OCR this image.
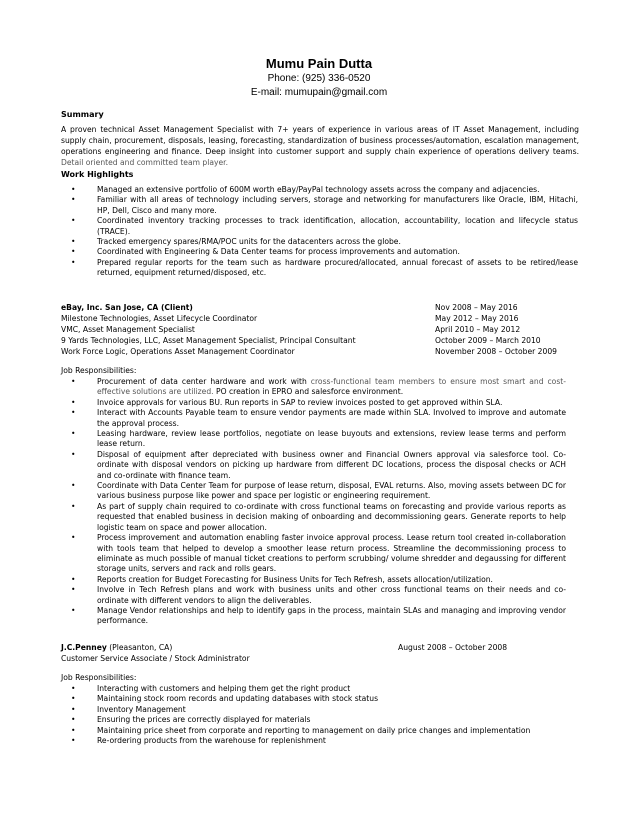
Mumu Pain Dutta
Phone: (925) 336-0520
E-mail: mumupain@gmail.com
Summary
A proven technical Asset Management Specialist with 7+ years of experience in various areas of IT Asset Management, including supply chain, procurement, disposals, leasing, forecasting, standardization of business processes/automation, escalation management, operations engineering and finance. Deep insight into customer support and supply chain experience of operations delivery teams. Detail oriented and committed team player.
Work Highlights
• Managed an extensive portfolio of 600M worth eBay/PayPal technology assets across the company and adjacencies.
• Familiar with all areas of technology including servers, storage and networking for manufacturers like Oracle, IBM, Hitachi, HP, Dell, Cisco and many more.
• Coordinated inventory tracking processes to track identification, allocation, accountability, location and lifecycle status (TRACE).
• Tracked emergency spares/RMA/POC units for the datacenters across the globe.
• Coordinated with Engineering & Data Center teams for process improvements and automation.
• Prepared regular reports for the team such as hardware procured/allocated, annual forecast of assets to be retired/lease returned, equipment returned/disposed, etc.
eBay, Inc. San Jose, CA (Client)	Nov 2008 – May 2016
Milestone Technologies, Asset Lifecycle Coordinator	May 2012 – May 2016
VMC, Asset Management Specialist	April 2010 – May 2012
9 Yards Technologies, LLC, Asset Management Specialist, Principal Consultant	October 2009 – March 2010
Work Force Logic, Operations Asset Management Coordinator	November 2008 – October 2009
Job Responsibilities:
• Procurement of data center hardware and work with cross-functional team members to ensure most smart and cost-effective solutions are utilized. PO creation in EPRO and salesforce environment.
• Invoice approvals for various BU. Run reports in SAP to review invoices posted to get approved within SLA.
• Interact with Accounts Payable team to ensure vendor payments are made within SLA. Involved to improve and automate the approval process.
• Leasing hardware, review lease portfolios, negotiate on lease buyouts and extensions, review lease terms and perform lease return.
• Disposal of equipment after depreciated with business owner and Financial Owners approval via salesforce tool. Co-ordinate with disposal vendors on picking up hardware from different DC locations, process the disposal checks or ACH and co-ordinate with finance team.
• Coordinate with Data Center Team for purpose of lease return, disposal, EVAL returns. Also, moving assets between DC for various business purpose like power and space per logistic or engineering requirement.
• As part of supply chain required to co-ordinate with cross functional teams on forecasting and provide various reports as requested that enabled business in decision making of onboarding and decommissioning gears. Generate reports to help logistic team on space and power allocation.
• Process improvement and automation enabling faster invoice approval process. Lease return tool created in-collaboration with tools team that helped to develop a smoother lease return process. Streamline the decommissioning process to eliminate as much possible of manual ticket creations to perform scrubbing/ volume shredder and degaussing for different storage units, servers and rack and rolls gears.
• Reports creation for Budget Forecasting for Business Units for Tech Refresh, assets allocation/utilization.
• Involve in Tech Refresh plans and work with business units and other cross functional teams on their needs and co-ordinate with different vendors to align the deliverables.
• Manage Vendor relationships and help to identify gaps in the process, maintain SLAs and managing and improving vendor performance.
J.C.Penney (Pleasanton, CA)	August 2008 – October 2008
Customer Service Associate / Stock Administrator
Job Responsibilities:
• Interacting with customers and helping them get the right product
• Maintaining stock room records and updating databases with stock status
• Inventory Management
• Ensuring the prices are correctly displayed for materials
• Maintaining price sheet from corporate and reporting to management on daily price changes and implementation
• Re-ordering products from the warehouse for replenishment
